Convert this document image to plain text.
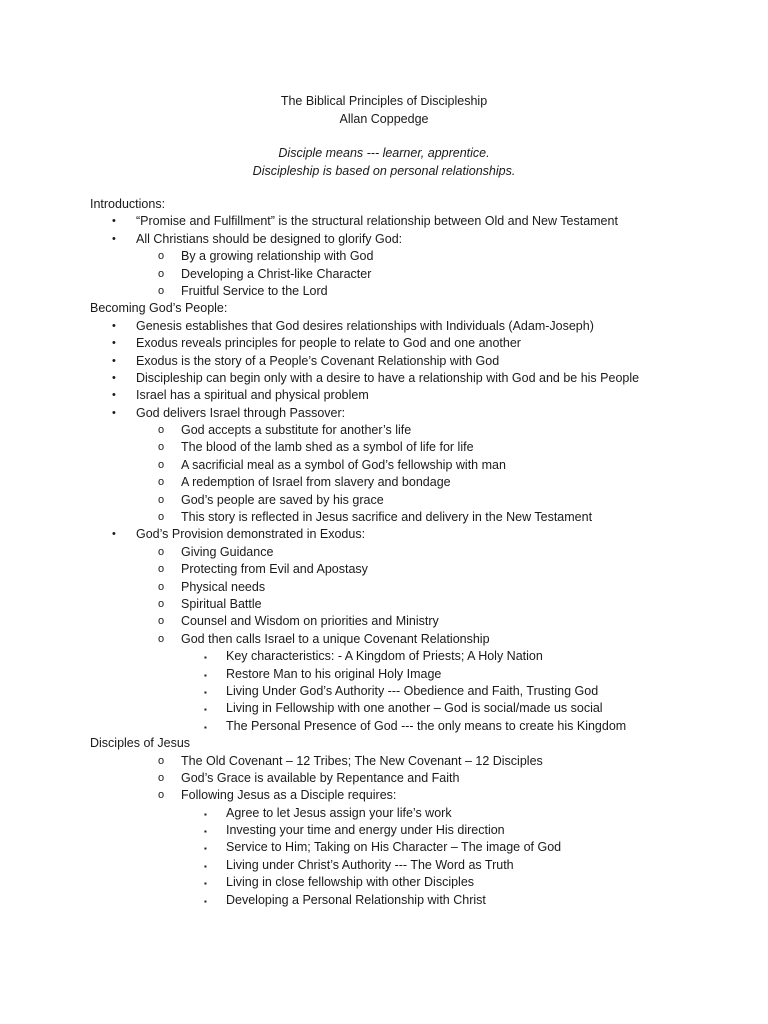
The Biblical Principles of Discipleship
Allan Coppedge
Disciple means --- learner, apprentice.
Discipleship is based on personal relationships.
Introductions:
• “Promise and Fulfillment” is the structural relationship between Old and New Testament
• All Christians should be designed to glorify God:
o By a growing relationship with God
o Developing a Christ-like Character
o Fruitful Service to the Lord
Becoming God’s People:
• Genesis establishes that God desires relationships with Individuals (Adam-Joseph)
• Exodus reveals principles for people to relate to God and one another
• Exodus is the story of a People’s Covenant Relationship with God
• Discipleship can begin only with a desire to have a relationship with God and be his People
• Israel has a spiritual and physical problem
• God delivers Israel through Passover:
o God accepts a substitute for another’s life
o The blood of the lamb shed as a symbol of life for life
o A sacrificial meal as a symbol of God’s fellowship with man
o A redemption of Israel from slavery and bondage
o God’s people are saved by his grace
o This story is reflected in Jesus sacrifice and delivery in the New Testament
• God’s Provision demonstrated in Exodus:
o Giving Guidance
o Protecting from Evil and Apostasy
o Physical needs
o Spiritual Battle
o Counsel and Wisdom on priorities and Ministry
o God then calls Israel to a unique Covenant Relationship
▪ Key characteristics: - A Kingdom of Priests; A Holy Nation
▪ Restore Man to his original Holy Image
▪ Living Under God’s Authority --- Obedience and Faith, Trusting God
▪ Living in Fellowship with one another – God is social/made us social
▪ The Personal Presence of God --- the only means to create his Kingdom
Disciples of Jesus
o The Old Covenant – 12 Tribes; The New Covenant – 12 Disciples
o God’s Grace is available by Repentance and Faith
o Following Jesus as a Disciple requires:
▪ Agree to let Jesus assign your life’s work
▪ Investing your time and energy under His direction
▪ Service to Him; Taking on His Character – The image of God
▪ Living under Christ’s Authority --- The Word as Truth
▪ Living in close fellowship with other Disciples
▪ Developing a Personal Relationship with Christ
